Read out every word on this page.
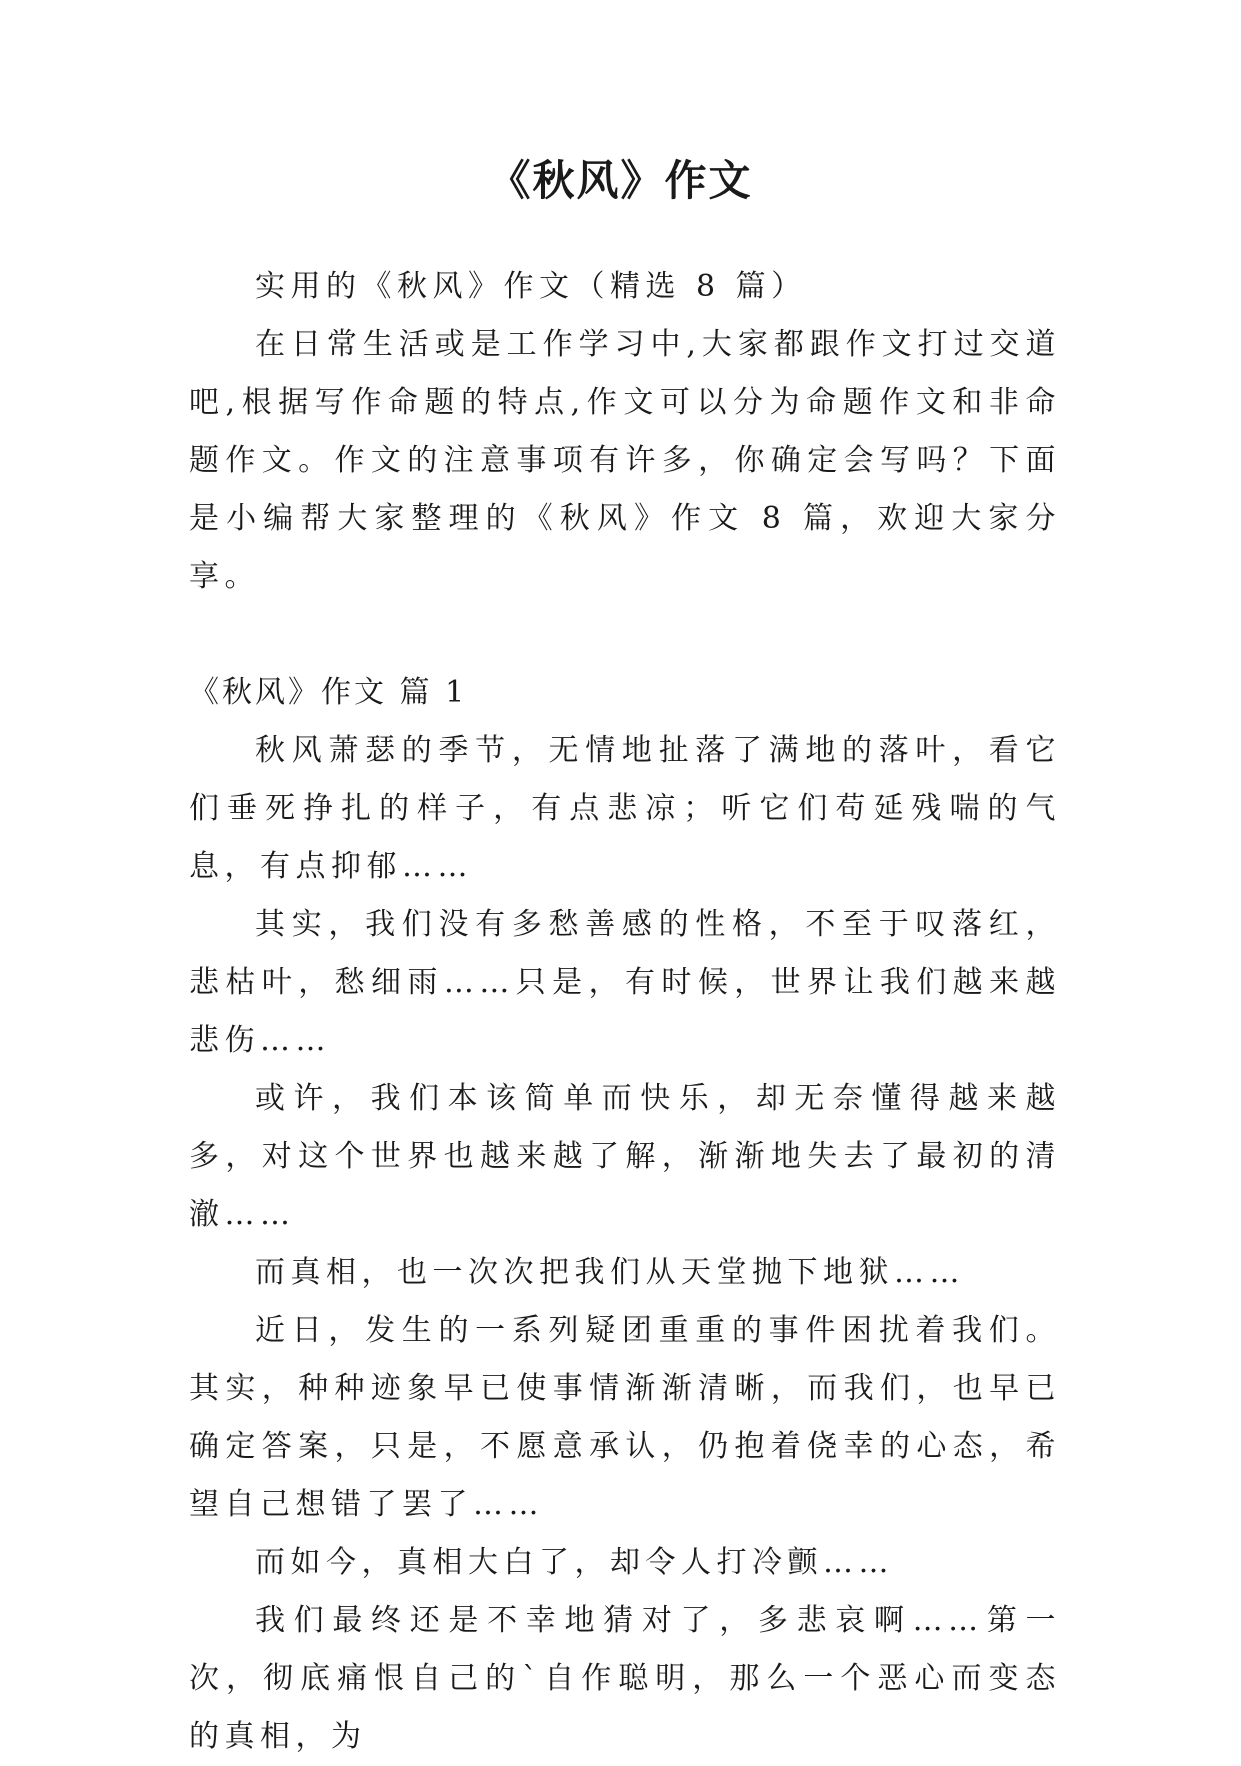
《秋风》作文

实用的《秋风》作文（精选 8 篇）

在日常生活或是工作学习中,大家都跟作文打过交道吧,根据写作命题的特点,作文可以分为命题作文和非命题作文。作文的注意事项有许多，你确定会写吗？下面是小编帮大家整理的《秋风》作文 8 篇，欢迎大家分享。

《秋风》作文 篇 1

秋风萧瑟的季节，无情地扯落了满地的落叶，看它们垂死挣扎的样子，有点悲凉；听它们苟延残喘的气息，有点抑郁……

其实，我们没有多愁善感的性格，不至于叹落红，悲枯叶，愁细雨……只是，有时候，世界让我们越来越悲伤……

或许，我们本该简单而快乐，却无奈懂得越来越多，对这个世界也越来越了解，渐渐地失去了最初的清澈……

而真相，也一次次把我们从天堂抛下地狱……

近日，发生的一系列疑团重重的事件困扰着我们。其实，种种迹象早已使事情渐渐清晰，而我们，也早已确定答案，只是，不愿意承认，仍抱着侥幸的心态，希望自己想错了罢了……

而如今，真相大白了，却令人打冷颤……

我们最终还是不幸地猜对了，多悲哀啊……第一次，彻底痛恨自己的`自作聪明，那么一个恶心而变态的真相，为
